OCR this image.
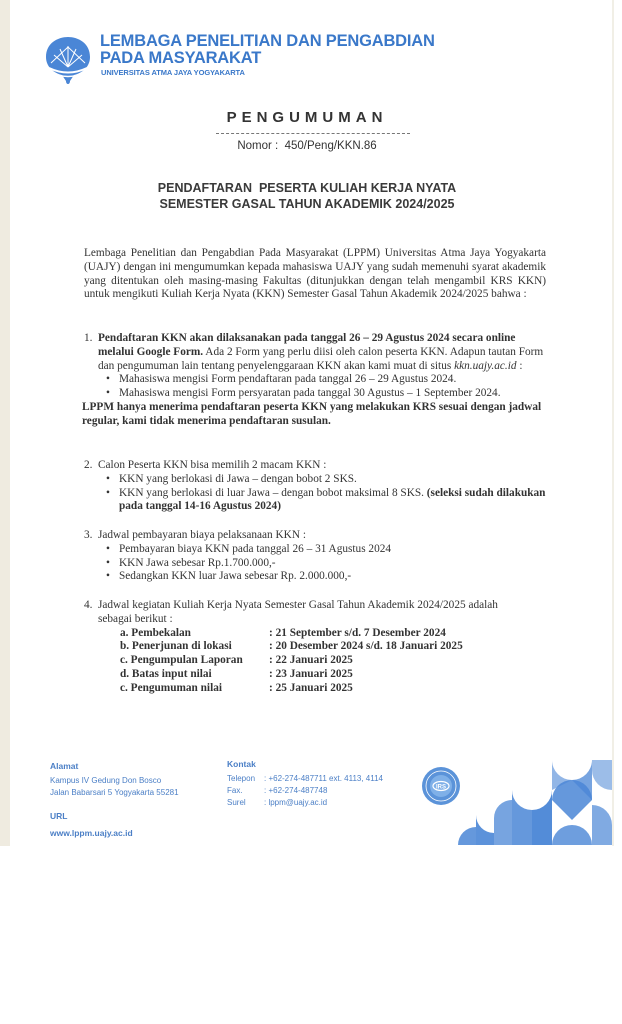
LEMBAGA PENELITIAN DAN PENGABDIAN
PADA MASYARAKAT
UNIVERSITAS ATMA JAYA YOGYAKARTA
PENGUMUMAN
Nomor : 450/Peng/KKN.86
PENDAFTARAN  PESERTA KULIAH KERJA NYATA
SEMESTER GASAL TAHUN AKADEMIK 2024/2025
Lembaga Penelitian dan Pengabdian Pada Masyarakat (LPPM) Universitas Atma Jaya Yogyakarta (UAJY) dengan ini mengumumkan kepada mahasiswa UAJY yang sudah memenuhi syarat akademik yang ditentukan oleh masing-masing Fakultas (ditunjukkan dengan telah mengambil KRS KKN) untuk mengikuti Kuliah Kerja Nyata (KKN) Semester Gasal Tahun Akademik 2024/2025 bahwa :
1. Pendaftaran KKN akan dilaksanakan pada tanggal 26 – 29 Agustus 2024 secara online melalui Google Form. Ada 2 Form yang perlu diisi oleh calon peserta KKN. Adapun tautan Form dan pengumuman lain tentang penyelenggaraan KKN akan kami muat di situs kkn.uajy.ac.id :
• Mahasiswa mengisi Form pendaftaran pada tanggal 26 – 29 Agustus 2024.
• Mahasiswa mengisi Form persyaratan pada tanggal 30 Agustus – 1 September 2024.
LPPM hanya menerima pendaftaran peserta KKN yang melakukan KRS sesuai dengan jadwal regular, kami tidak menerima pendaftaran susulan.
2. Calon Peserta KKN bisa memilih 2 macam KKN :
• KKN yang berlokasi di Jawa – dengan bobot 2 SKS.
• KKN yang berlokasi di luar Jawa – dengan bobot maksimal 8 SKS. (seleksi sudah dilakukan pada tanggal 14-16 Agustus 2024)
3. Jadwal pembayaran biaya pelaksanaan KKN :
• Pembayaran biaya KKN pada tanggal 26 – 31 Agustus 2024
• KKN Jawa sebesar Rp.1.700.000,-
• Sedangkan KKN luar Jawa sebesar Rp. 2.000.000,-
4. Jadwal kegiatan Kuliah Kerja Nyata Semester Gasal Tahun Akademik 2024/2025 adalah
sebagai berikut :
a. Pembekalan	: 21 September s/d. 7 Desember 2024
b. Penerjunan di lokasi	: 20 Desember 2024 s/d. 18 Januari 2025
c. Pengumpulan Laporan	: 22 Januari 2025
d. Batas input nilai	: 23 Januari 2025
c. Pengumuman nilai	: 25 Januari 2025
Alamat
Kampus IV Gedung Don Bosco
Jalan Babarsari 5 Yogyakarta 55281
URL
www.lppm.uajy.ac.id
Kontak
Telepon	: +62-274-487711 ext. 4113, 4114
Fax.	: +62-274-487748
Surel	: lppm@uajy.ac.id
IRS
